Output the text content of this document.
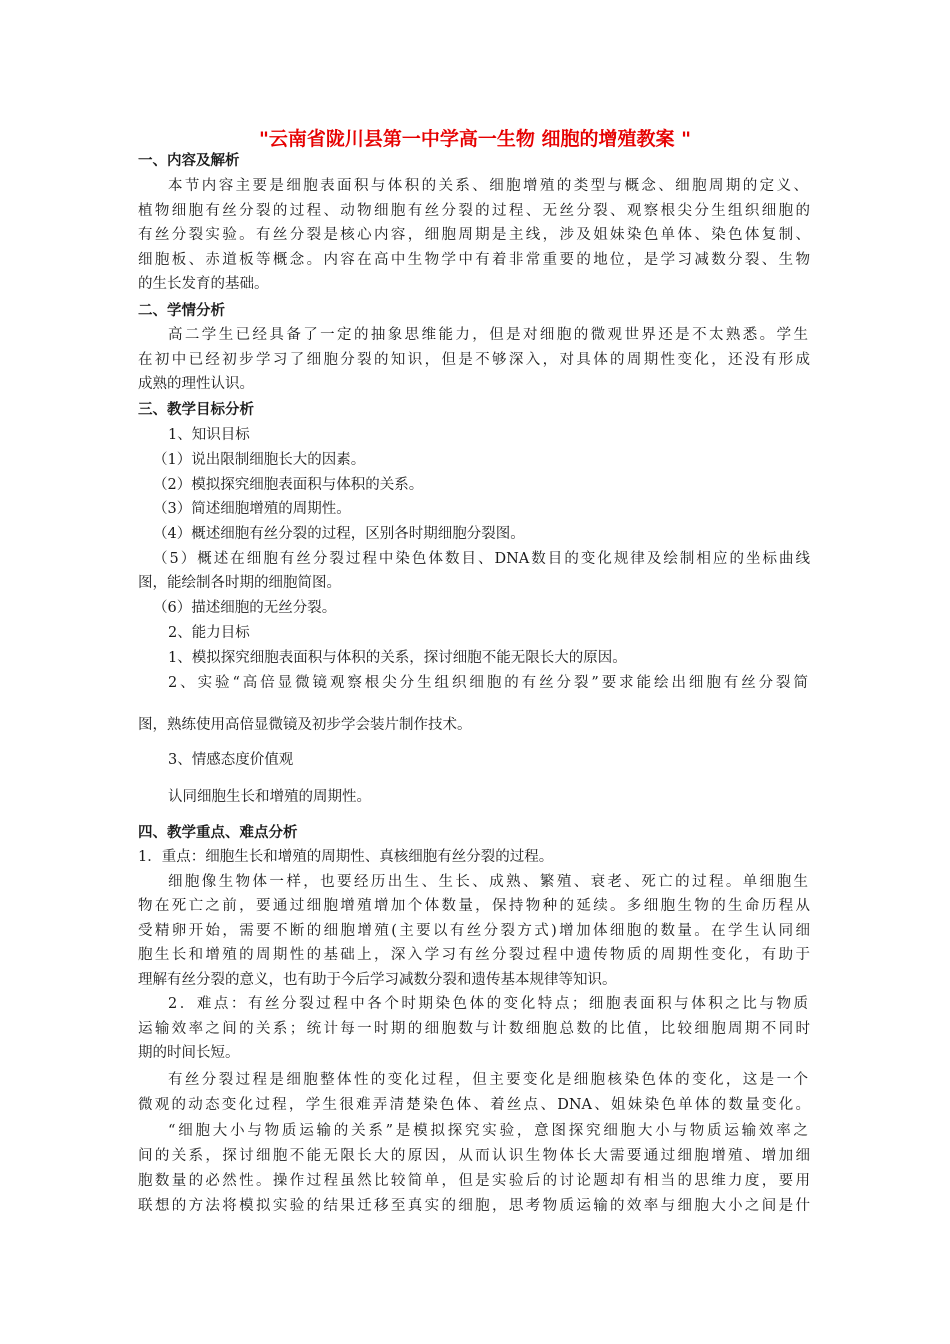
"云南省陇川县第一中学高一生物 细胞的增殖教案 "
一、内容及解析
本节内容主要是细胞表面积与体积的关系、细胞增殖的类型与概念、细胞周期的定义、
植物细胞有丝分裂的过程、动物细胞有丝分裂的过程、无丝分裂、观察根尖分生组织细胞的
有丝分裂实验。有丝分裂是核心内容，细胞周期是主线，涉及姐妹染色单体、染色体复制、
细胞板、赤道板等概念。内容在高中生物学中有着非常重要的地位，是学习减数分裂、生物
的生长发育的基础。
二、学情分析
高二学生已经具备了一定的抽象思维能力，但是对细胞的微观世界还是不太熟悉。学生
在初中已经初步学习了细胞分裂的知识，但是不够深入，对具体的周期性变化，还没有形成
成熟的理性认识。
三、教学目标分析
1、知识目标
（1）说出限制细胞长大的因素。
（2）模拟探究细胞表面积与体积的关系。
（3）简述细胞增殖的周期性。
（4）概述细胞有丝分裂的过程，区别各时期细胞分裂图。
（5）概述在细胞有丝分裂过程中染色体数目、DNA数目的变化规律及绘制相应的坐标曲线
图，能绘制各时期的细胞简图。
（6）描述细胞的无丝分裂。
2、能力目标
1、模拟探究细胞表面积与体积的关系，探讨细胞不能无限长大的原因。
2、实验“高倍显微镜观察根尖分生组织细胞的有丝分裂”要求能绘出细胞有丝分裂简
图，熟练使用高倍显微镜及初步学会装片制作技术。
3、情感态度价值观
认同细胞生长和增殖的周期性。
四、教学重点、难点分析
1．重点：细胞生长和增殖的周期性、真核细胞有丝分裂的过程。
细胞像生物体一样，也要经历出生、生长、成熟、繁殖、衰老、死亡的过程。单细胞生
物在死亡之前，要通过细胞增殖增加个体数量，保持物种的延续。多细胞生物的生命历程从
受精卵开始，需要不断的细胞增殖(主要以有丝分裂方式)增加体细胞的数量。在学生认同细
胞生长和增殖的周期性的基础上，深入学习有丝分裂过程中遗传物质的周期性变化，有助于
理解有丝分裂的意义，也有助于今后学习减数分裂和遗传基本规律等知识。
2．难点：有丝分裂过程中各个时期染色体的变化特点；细胞表面积与体积之比与物质
运输效率之间的关系；统计每一时期的细胞数与计数细胞总数的比值，比较细胞周期不同时
期的时间长短。
有丝分裂过程是细胞整体性的变化过程，但主要变化是细胞核染色体的变化，这是一个
微观的动态变化过程，学生很难弄清楚染色体、着丝点、DNA、姐妹染色单体的数量变化。
“细胞大小与物质运输的关系”是模拟探究实验，意图探究细胞大小与物质运输效率之
间的关系，探讨细胞不能无限长大的原因，从而认识生物体长大需要通过细胞增殖、增加细
胞数量的必然性。操作过程虽然比较简单，但是实验后的讨论题却有相当的思维力度，要用
联想的方法将模拟实验的结果迁移至真实的细胞，思考物质运输的效率与细胞大小之间是什
